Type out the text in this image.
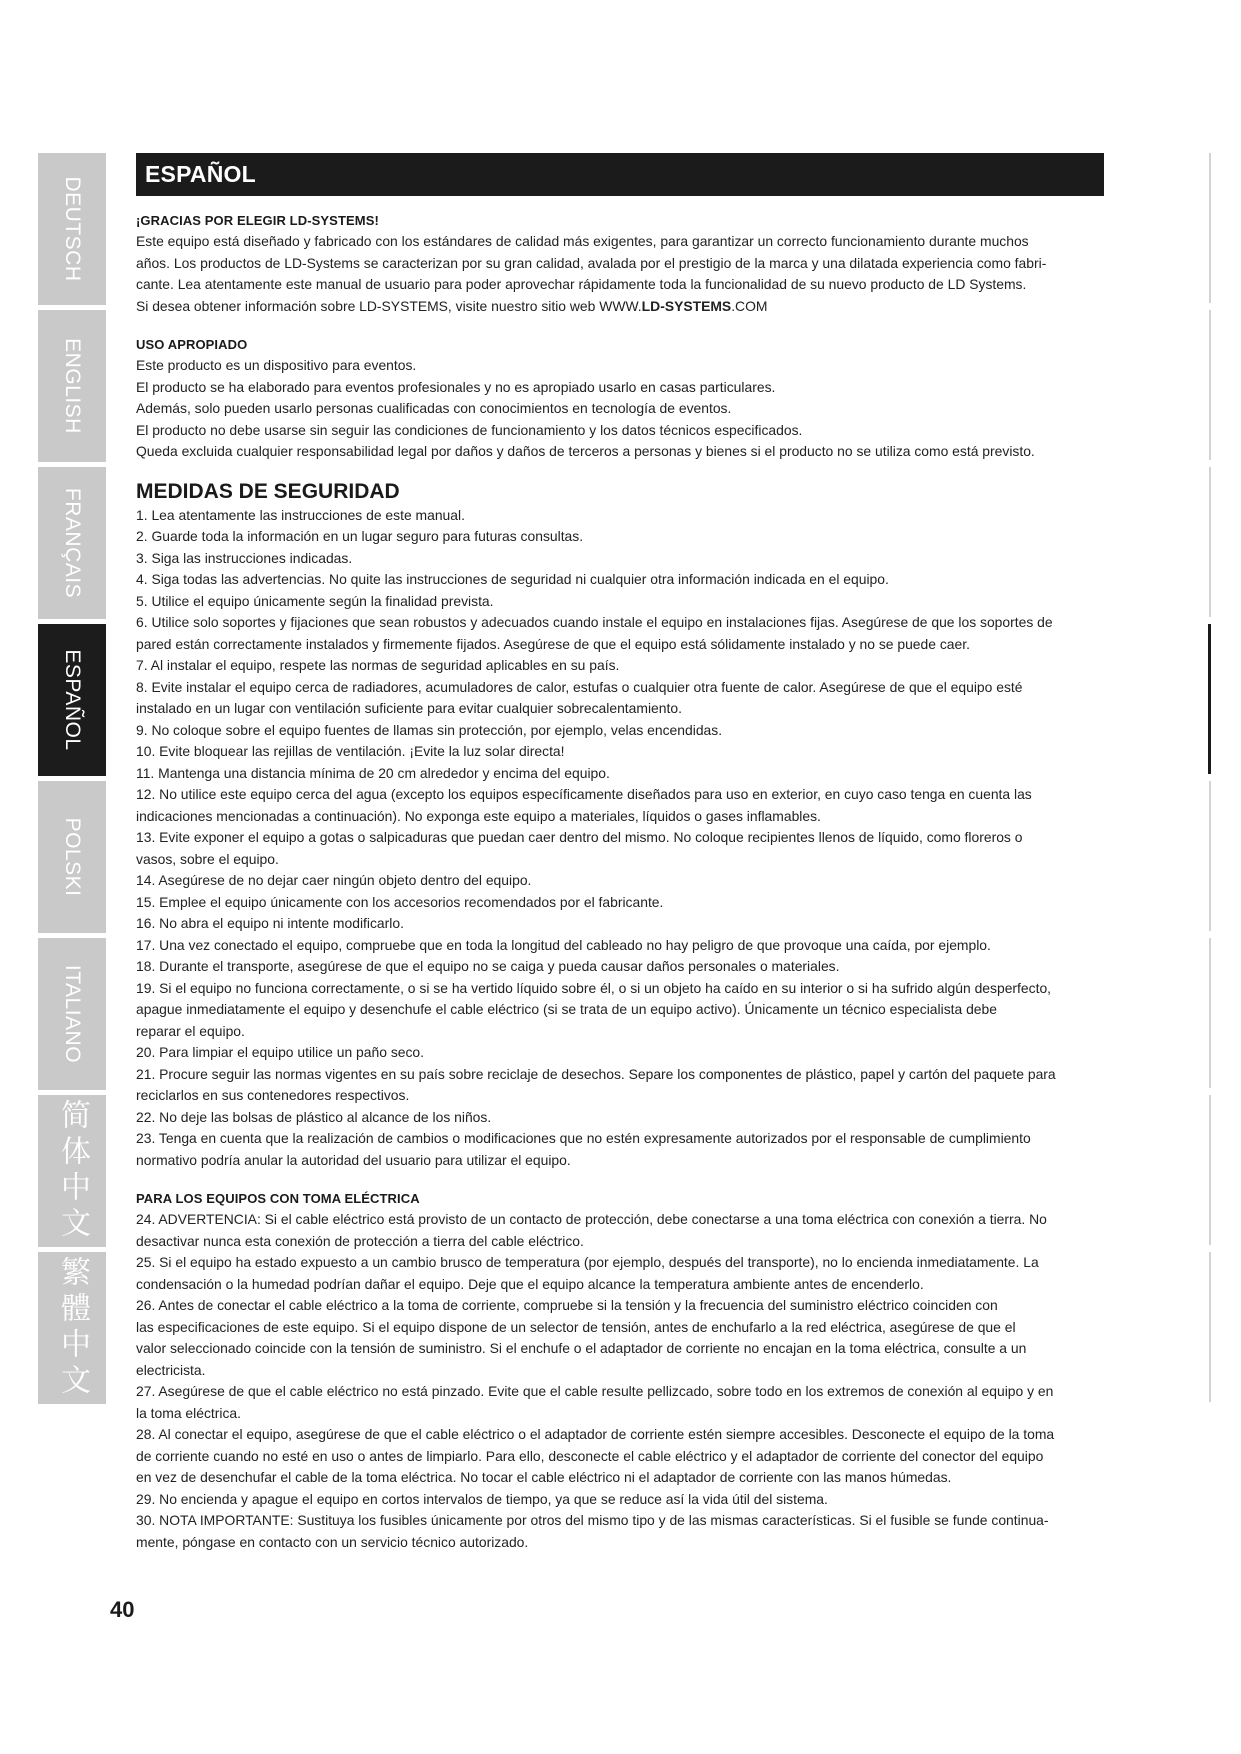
DEUTSCH
ENGLISH
FRANÇAIS
ESPAÑOL
POLSKI
ITALIANO
简体中文
繁體中文
ESPAÑOL
¡GRACIAS POR ELEGIR LD-SYSTEMS!

Este equipo está diseñado y fabricado con los estándares de calidad más exigentes, para garantizar un correcto funcionamiento durante muchos

años. Los productos de LD-Systems se caracterizan por su gran calidad, avalada por el prestigio de la marca y una dilatada experiencia como fabri-

cante. Lea atentamente este manual de usuario para poder aprovechar rápidamente toda la funcionalidad de su nuevo producto de LD Systems.

Si desea obtener información sobre LD-SYSTEMS, visite nuestro sitio web WWW.LD-SYSTEMS.COM

USO APROPIADO

Este producto es un dispositivo para eventos.

El producto se ha elaborado para eventos profesionales y no es apropiado usarlo en casas particulares.

Además, solo pueden usarlo personas cualificadas con conocimientos en tecnología de eventos.

El producto no debe usarse sin seguir las condiciones de funcionamiento y los datos técnicos especificados.

Queda excluida cualquier responsabilidad legal por daños y daños de terceros a personas y bienes si el producto no se utiliza como está previsto.

MEDIDAS DE SEGURIDAD

1. Lea atentamente las instrucciones de este manual.

2. Guarde toda la información en un lugar seguro para futuras consultas.

3. Siga las instrucciones indicadas.

4. Siga todas las advertencias. No quite las instrucciones de seguridad ni cualquier otra información indicada en el equipo.

5. Utilice el equipo únicamente según la finalidad prevista.

6. Utilice solo soportes y fijaciones que sean robustos y adecuados cuando instale el equipo en instalaciones fijas. Asegúrese de que los soportes de

pared están correctamente instalados y firmemente fijados. Asegúrese de que el equipo está sólidamente instalado y no se puede caer.

7. Al instalar el equipo, respete las normas de seguridad aplicables en su país.

8. Evite instalar el equipo cerca de radiadores, acumuladores de calor, estufas o cualquier otra fuente de calor. Asegúrese de que el equipo esté

instalado en un lugar con ventilación suficiente para evitar cualquier sobrecalentamiento.

9. No coloque sobre el equipo fuentes de llamas sin protección, por ejemplo, velas encendidas.

10. Evite bloquear las rejillas de ventilación. ¡Evite la luz solar directa!

11. Mantenga una distancia mínima de 20 cm alrededor y encima del equipo.

12. No utilice este equipo cerca del agua (excepto los equipos específicamente diseñados para uso en exterior, en cuyo caso tenga en cuenta las

indicaciones mencionadas a continuación). No exponga este equipo a materiales, líquidos o gases inflamables.

13. Evite exponer el equipo a gotas o salpicaduras que puedan caer dentro del mismo. No coloque recipientes llenos de líquido, como floreros o

vasos, sobre el equipo.

14. Asegúrese de no dejar caer ningún objeto dentro del equipo.

15. Emplee el equipo únicamente con los accesorios recomendados por el fabricante.

16. No abra el equipo ni intente modificarlo.

17. Una vez conectado el equipo, compruebe que en toda la longitud del cableado no hay peligro de que provoque una caída, por ejemplo.

18. Durante el transporte, asegúrese de que el equipo no se caiga y pueda causar daños personales o materiales.

19. Si el equipo no funciona correctamente, o si se ha vertido líquido sobre él, o si un objeto ha caído en su interior o si ha sufrido algún desperfecto,

apague inmediatamente el equipo y desenchufe el cable eléctrico (si se trata de un equipo activo). Únicamente un técnico especialista debe

reparar el equipo.

20. Para limpiar el equipo utilice un paño seco.

21. Procure seguir las normas vigentes en su país sobre reciclaje de desechos. Separe los componentes de plástico, papel y cartón del paquete para

reciclarlos en sus contenedores respectivos.

22. No deje las bolsas de plástico al alcance de los niños.

23. Tenga en cuenta que la realización de cambios o modificaciones que no estén expresamente autorizados por el responsable de cumplimiento

normativo podría anular la autoridad del usuario para utilizar el equipo.

PARA LOS EQUIPOS CON TOMA ELÉCTRICA

24. ADVERTENCIA: Si el cable eléctrico está provisto de un contacto de protección, debe conectarse a una toma eléctrica con conexión a tierra. No

desactivar nunca esta conexión de protección a tierra del cable eléctrico.

25. Si el equipo ha estado expuesto a un cambio brusco de temperatura (por ejemplo, después del transporte), no lo encienda inmediatamente. La

condensación o la humedad podrían dañar el equipo. Deje que el equipo alcance la temperatura ambiente antes de encenderlo.

26. Antes de conectar el cable eléctrico a la toma de corriente, compruebe si la tensión y la frecuencia del suministro eléctrico coinciden con

las especificaciones de este equipo. Si el equipo dispone de un selector de tensión, antes de enchufarlo a la red eléctrica, asegúrese de que el

valor seleccionado coincide con la tensión de suministro. Si el enchufe o el adaptador de corriente no encajan en la toma eléctrica, consulte a un

electricista.

27. Asegúrese de que el cable eléctrico no está pinzado. Evite que el cable resulte pellizcado, sobre todo en los extremos de conexión al equipo y en

la toma eléctrica.

28. Al conectar el equipo, asegúrese de que el cable eléctrico o el adaptador de corriente estén siempre accesibles. Desconecte el equipo de la toma

de corriente cuando no esté en uso o antes de limpiarlo. Para ello, desconecte el cable eléctrico y el adaptador de corriente del conector del equipo

en vez de desenchufar el cable de la toma eléctrica. No tocar el cable eléctrico ni el adaptador de corriente con las manos húmedas.

29. No encienda y apague el equipo en cortos intervalos de tiempo, ya que se reduce así la vida útil del sistema.

30. NOTA IMPORTANTE: Sustituya los fusibles únicamente por otros del mismo tipo y de las mismas características. Si el fusible se funde continua-

mente, póngase en contacto con un servicio técnico autorizado.

40
